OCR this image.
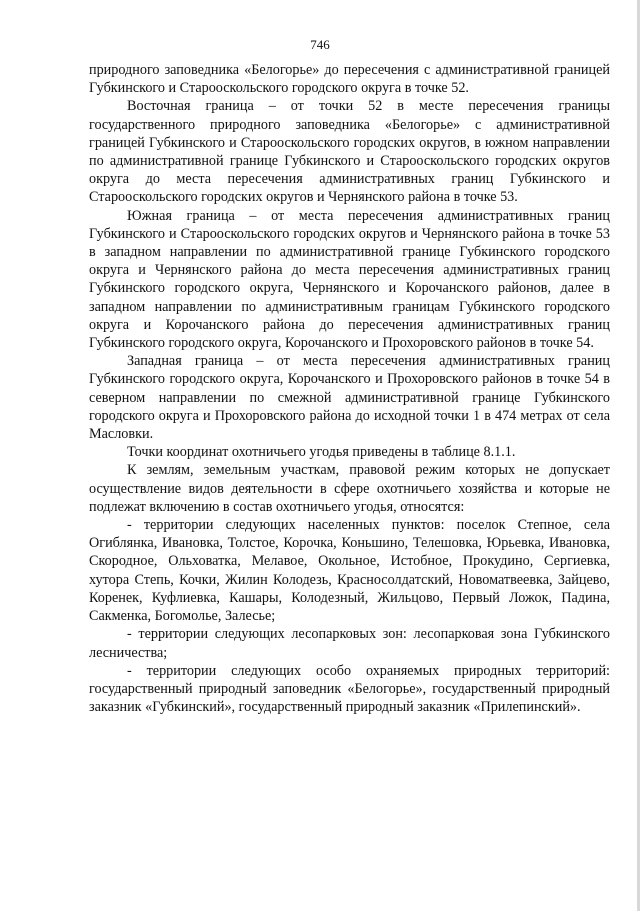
746

природного заповедника «Белогорье» до пересечения с административной границей Губкинского и Старооскольского городского округа в точке 52.

Восточная граница – от точки 52 в месте пересечения границы государственного природного заповедника «Белогорье» с административной границей Губкинского и Старооскольского городских округов, в южном направлении по административной границе Губкинского и Старооскольского городских округов округа до места пересечения административных границ Губкинского и Старооскольского городских округов и Чернянского района в точке 53.

Южная граница – от места пересечения административных границ Губкинского и Старооскольского городских округов и Чернянского района в точке 53 в западном направлении по административной границе Губкинского городского округа и Чернянского района до места пересечения административных границ Губкинского городского округа, Чернянского и Корочанского районов, далее в западном направлении по административным границам Губкинского городского округа и Корочанского района до пересечения административных границ Губкинского городского округа, Корочанского и Прохоровского районов в точке 54.

Западная граница – от места пересечения административных границ Губкинского городского округа, Корочанского и Прохоровского районов в точке 54 в северном направлении по смежной административной границе Губкинского городского округа и Прохоровского района до исходной точки 1 в 474 метрах от села Масловки.

Точки координат охотничьего угодья приведены в таблице 8.1.1.

К землям, земельным участкам, правовой режим которых не допускает осуществление видов деятельности в сфере охотничьего хозяйства и которые не подлежат включению в состав охотничьего угодья, относятся:

- территории следующих населенных пунктов: поселок Степное, села Огиблянка, Ивановка, Толстое, Корочка, Коньшино, Телешовка, Юрьевка, Ивановка, Скородное, Ольховатка, Мелавое, Окольное, Истобное, Прокудино, Сергиевка, хутора Степь, Кочки, Жилин Колодезь, Красносолдатский, Новоматвеевка, Зайцево, Коренек, Куфлиевка, Кашары, Колодезный, Жильцово, Первый Ложок, Падина, Сакменка, Богомолье, Залесье;

- территории следующих лесопарковых зон: лесопарковая зона Губкинского лесничества;

- территории следующих особо охраняемых природных территорий: государственный природный заповедник «Белогорье», государственный природный заказник «Губкинский», государственный природный заказник «Прилепинский».
